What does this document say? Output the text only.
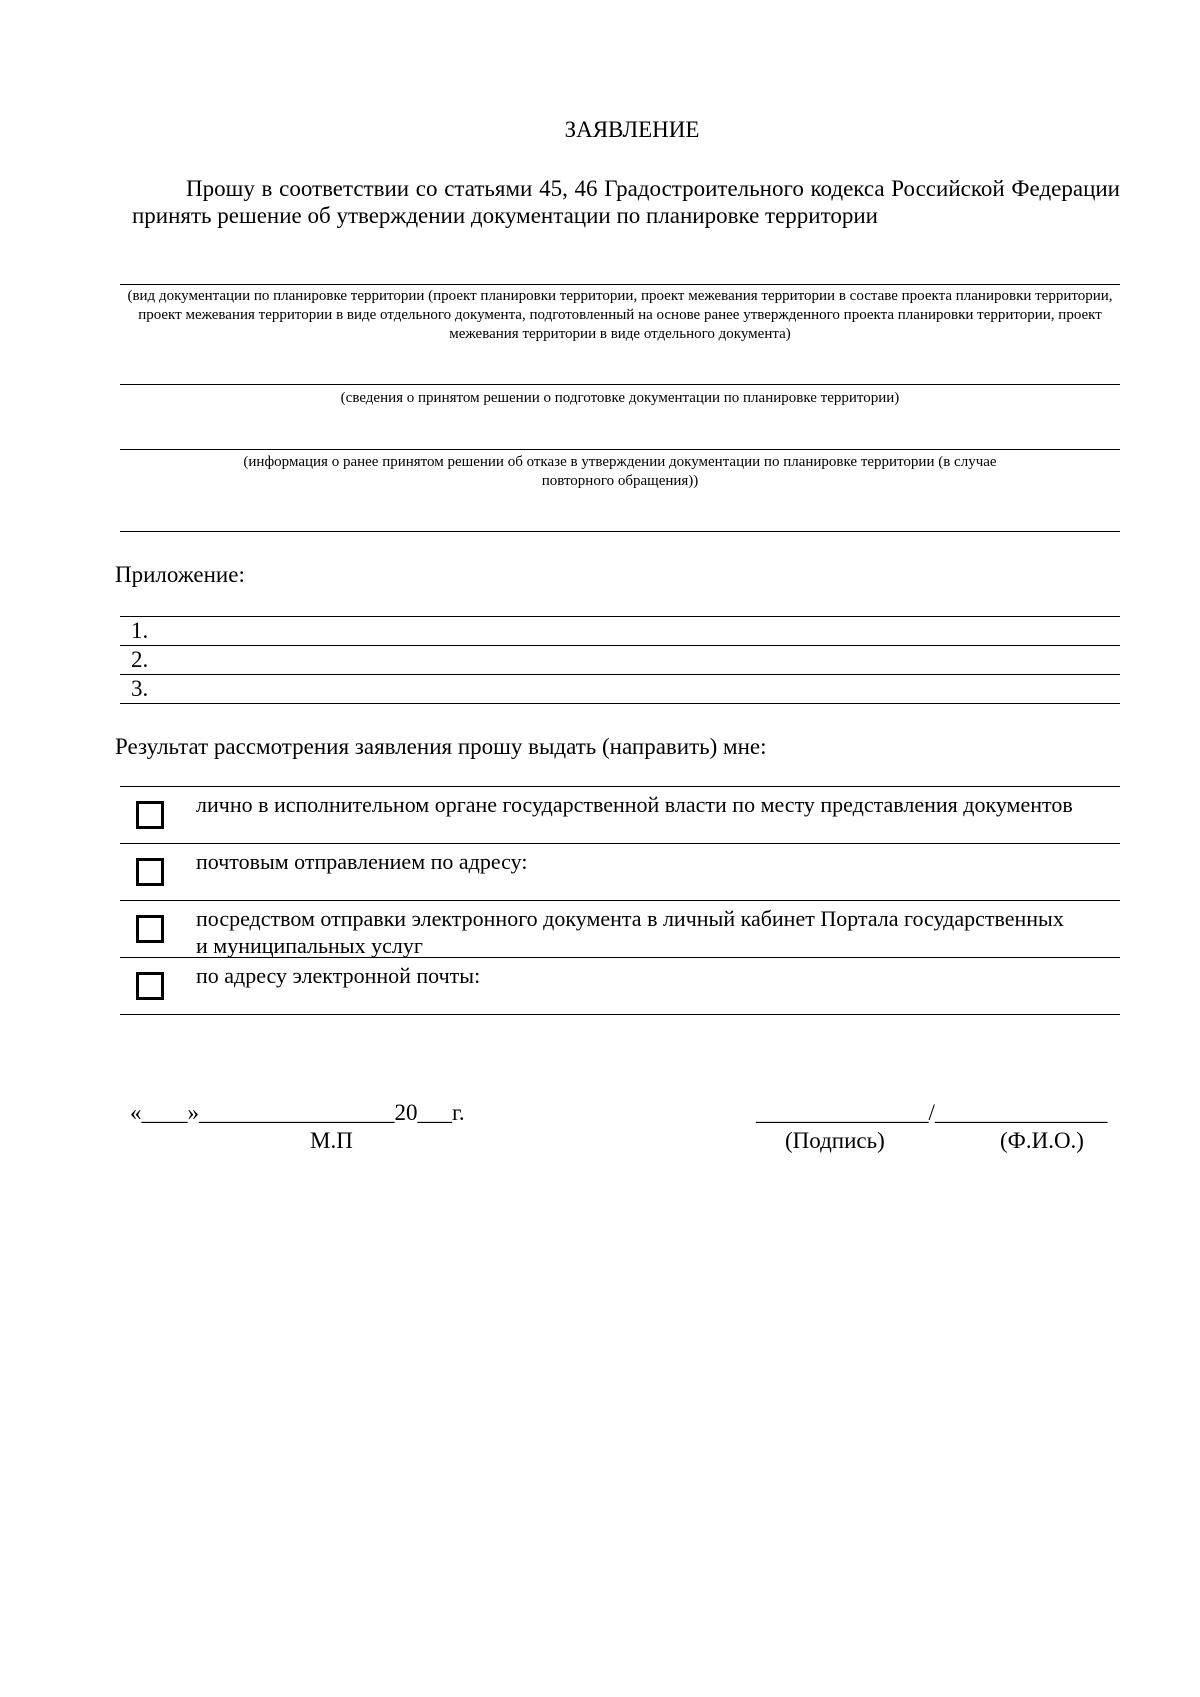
ЗАЯВЛЕНИЕ
Прошу в соответствии со статьями 45, 46 Градостроительного кодекса Российской Федерации принять решение об утверждении документации по планировке территории
(вид документации по планировке территории (проект планировки территории, проект межевания территории в составе проекта планировки территории, проект межевания территории в виде отдельного документа, подготовленный на основе ранее утвержденного проекта планировки территории, проект межевания территории в виде отдельного документа)
(сведения о принятом решении о подготовке документации по планировке территории)
(информация о ранее принятом решении об отказе в утверждении документации по планировке территории (в случае повторного обращения))
Приложение:
1.
2.
3.
Результат рассмотрения заявления прошу выдать (направить) мне:
лично в исполнительном органе государственной власти по месту представления документов
почтовым отправлением по адресу:
посредством отправки электронного документа в личный кабинет Портала государственных и муниципальных услуг
по адресу электронной почты:
«____»_________________20___г.
М.П
_______________/_______________
(Подпись)	(Ф.И.О.)
